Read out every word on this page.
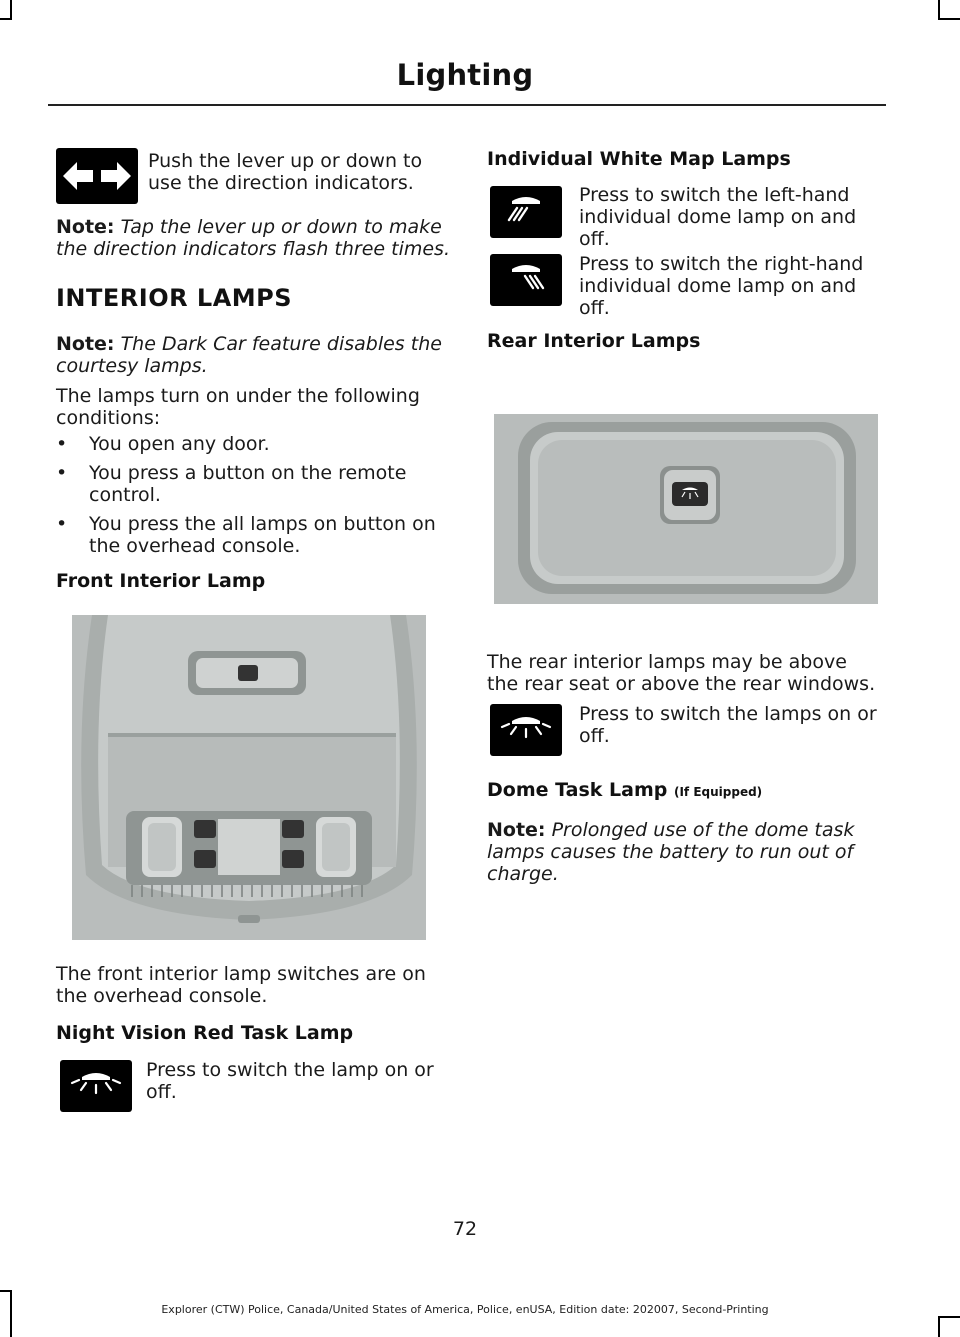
Lighting
Push the lever up or down to use the direction indicators.
Note: Tap the lever up or down to make the direction indicators flash three times.
INTERIOR LAMPS
Note: The Dark Car feature disables the courtesy lamps.
The lamps turn on under the following conditions:
• You open any door.
• You press a button on the remote control.
• You press the all lamps on button on the overhead console.
Front Interior Lamp
The front interior lamp switches are on the overhead console.
Night Vision Red Task Lamp
Press to switch the lamp on or off.
Individual White Map Lamps
Press to switch the left-hand individual dome lamp on and off.
Press to switch the right-hand individual dome lamp on and off.
Rear Interior Lamps
The rear interior lamps may be above the rear seat or above the rear windows.
Press to switch the lamps on or off.
Dome Task Lamp (If Equipped)
Note: Prolonged use of the dome task lamps causes the battery to run out of charge.
72
Explorer (CTW) Police, Canada/United States of America, Police, enUSA, Edition date: 202007, Second-Printing
